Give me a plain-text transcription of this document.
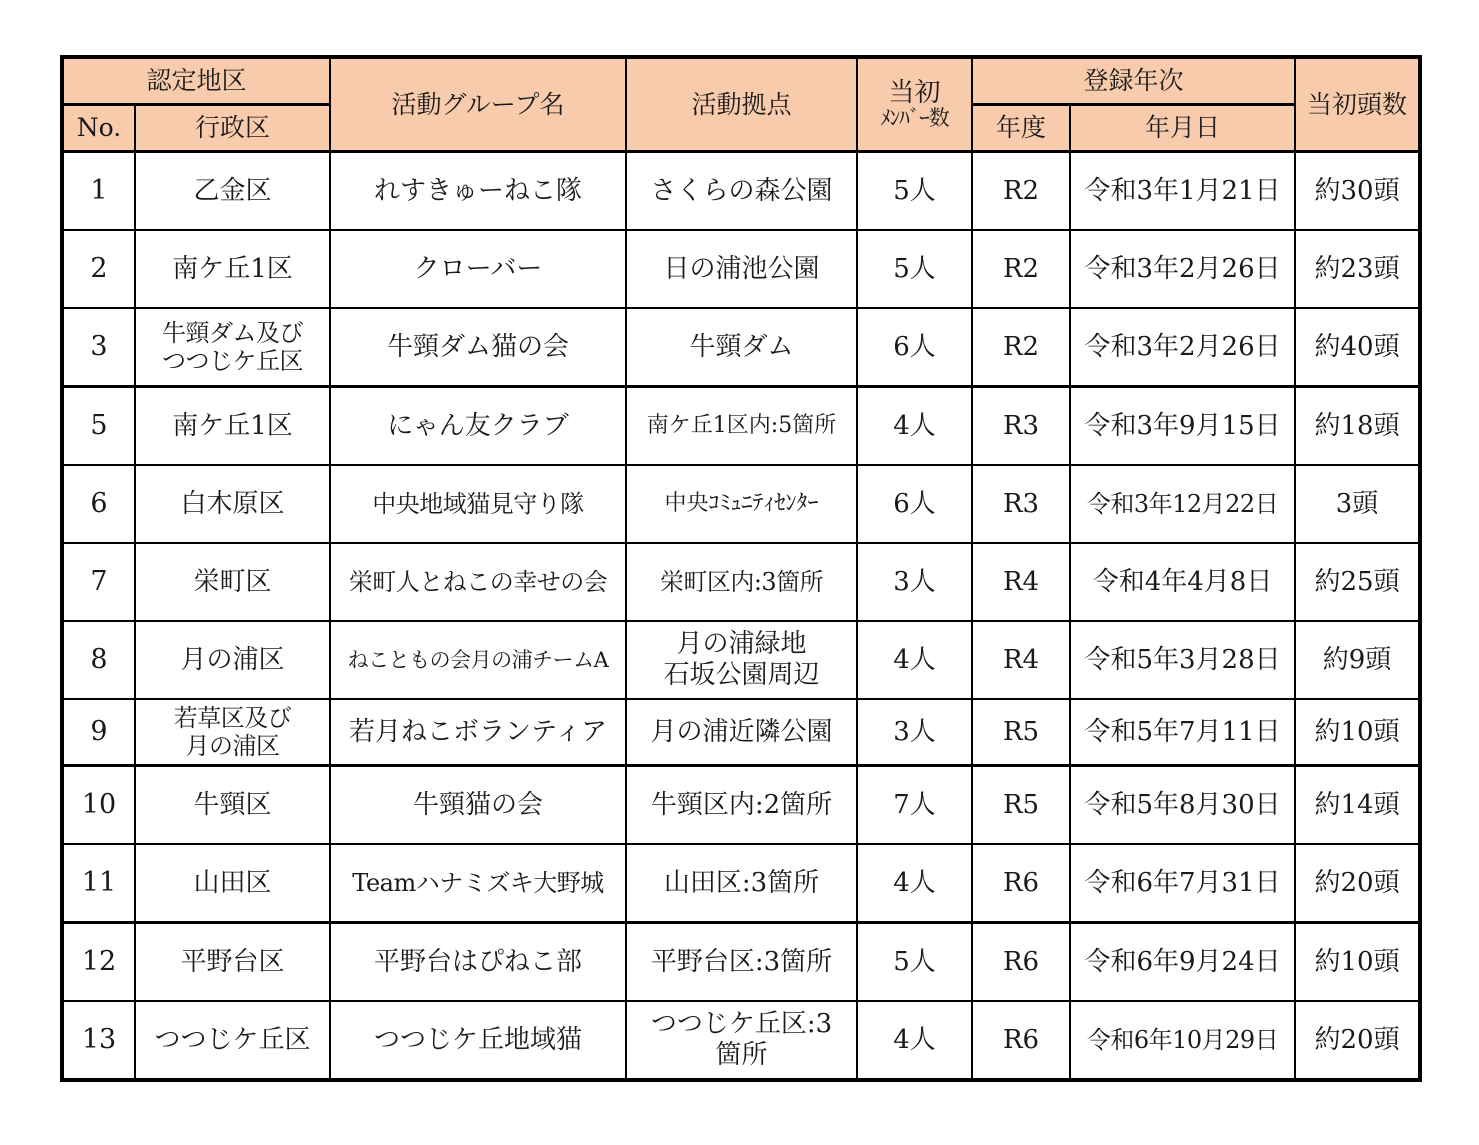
認定地区		活動グループ名	活動拠点	当初
ﾒﾝﾊﾞｰ数	登録年次		当初頭数
No.	行政区				年度	年月日	
1	乙金区	れすきゅーねこ隊	さくらの森公園	5人	R2	令和3年1月21日	約30頭
2	南ケ丘1区	クローバー	日の浦池公園	5人	R2	令和3年2月26日	約23頭
3	牛頸ダム及び
つつじケ丘区	牛頸ダム猫の会	牛頸ダム	6人	R2	令和3年2月26日	約40頭
5	南ケ丘1区	にゃん友クラブ	南ケ丘1区内:5箇所	4人	R3	令和3年9月15日	約18頭
6	白木原区	中央地域猫見守り隊	中央ｺﾐｭﾆﾃｨｾﾝﾀｰ	6人	R3	令和3年12月22日	3頭
7	栄町区	栄町人とねこの幸せの会	栄町区内:3箇所	3人	R4	令和4年4月8日	約25頭
8	月の浦区	ねこともの会月の浦チームA	月の浦緑地
石坂公園周辺	4人	R4	令和5年3月28日	約9頭
9	若草区及び
月の浦区	若月ねこボランティア	月の浦近隣公園	3人	R5	令和5年7月11日	約10頭
10	牛頸区	牛頸猫の会	牛頸区内:2箇所	7人	R5	令和5年8月30日	約14頭
11	山田区	Teamハナミズキ大野城	山田区:3箇所	4人	R6	令和6年7月31日	約20頭
12	平野台区	平野台はぴねこ部	平野台区:3箇所	5人	R6	令和6年9月24日	約10頭
13	つつじケ丘区	つつじケ丘地域猫	つつじケ丘区:3
箇所	4人	R6	令和6年10月29日	約20頭
